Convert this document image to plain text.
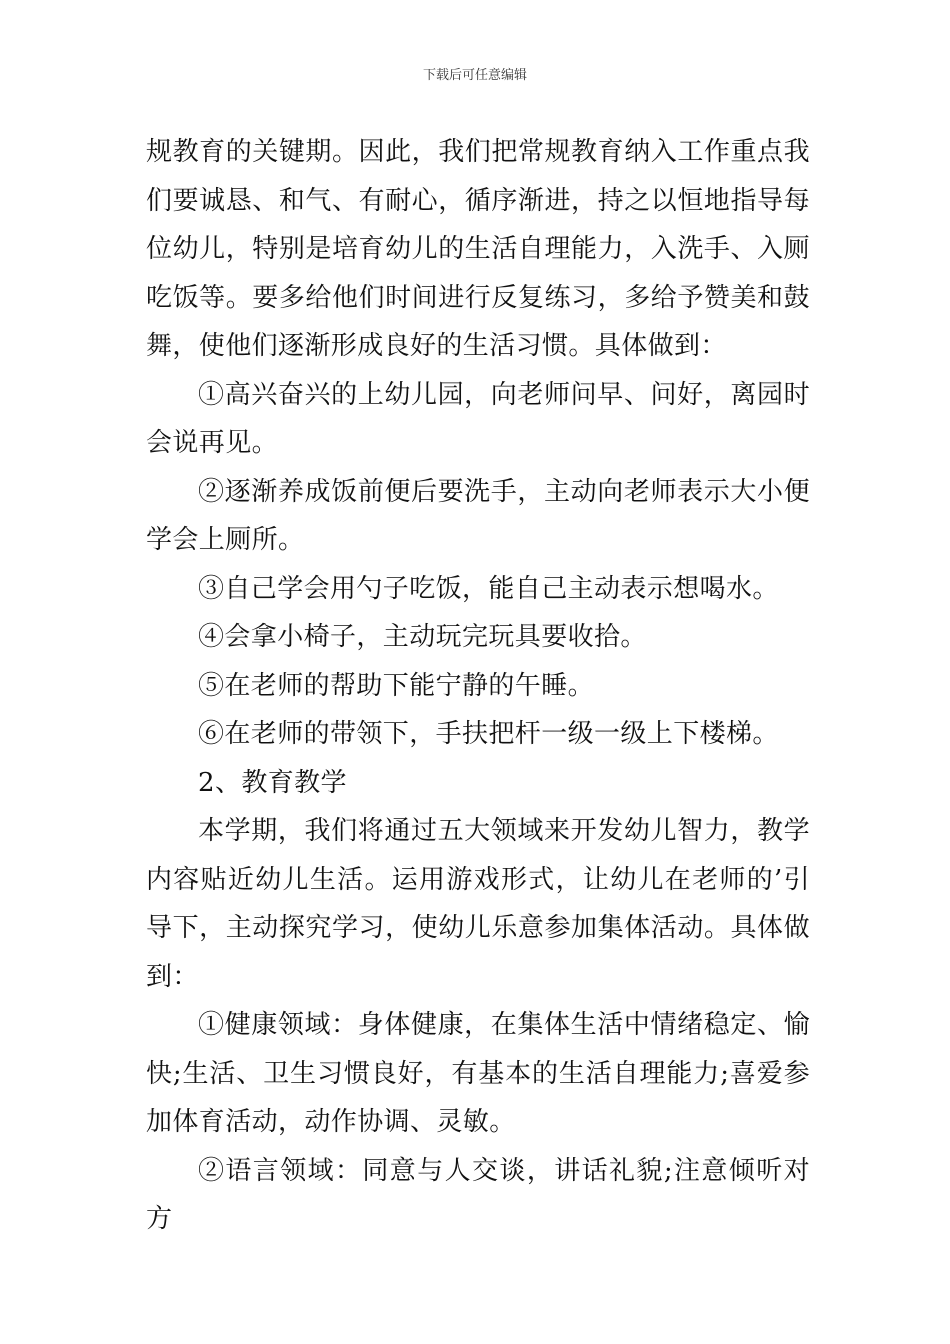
下载后可任意编辑

规教育的关键期。因此，我们把常规教育纳入工作重点我们要诚恳、和气、有耐心，循序渐进，持之以恒地指导每位幼儿，特别是培育幼儿的生活自理能力，入洗手、入厕吃饭等。要多给他们时间进行反复练习，多给予赞美和鼓舞，使他们逐渐形成良好的生活习惯。具体做到：

①高兴奋兴的上幼儿园，向老师问早、问好，离园时会说再见。

②逐渐养成饭前便后要洗手，主动向老师表示大小便学会上厕所。

③自己学会用勺子吃饭，能自己主动表示想喝水。

④会拿小椅子，主动玩完玩具要收拾。

⑤在老师的帮助下能宁静的午睡。

⑥在老师的带领下，手扶把杆一级一级上下楼梯。

2、教育教学

本学期，我们将通过五大领域来开发幼儿智力，教学内容贴近幼儿生活。运用游戏形式，让幼儿在老师的’引导下，主动探究学习，使幼儿乐意参加集体活动。具体做到：

①健康领域：身体健康，在集体生活中情绪稳定、愉快;生活、卫生习惯良好，有基本的生活自理能力;喜爱参加体育活动，动作协调、灵敏。

②语言领域：同意与人交谈，讲话礼貌;注意倾听对方
